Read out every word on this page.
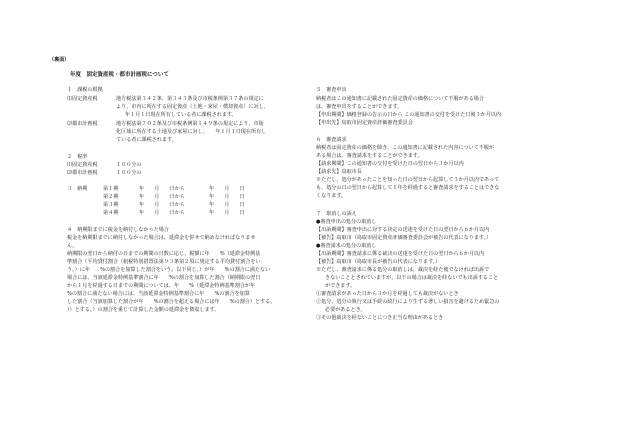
（裏面）
年度　固定資産税・都市計画税について
１　課税の根拠
⑴固定資産税	地方税法第３４２条、第３４３条及び市税条例第３７条の規定に
より、市内に所在する固定資産（土地・家屋・償却資産）に対し、
年１月１日現在所有している者に課税されます。
⑵都市計画税	地方税法第７０２条及び市税条例第１４９条の規定により、市街
化区域に所在する土地及び家屋に対し、　　年１月１日現在所有し
ている者に課税されます。
２　税率
⑴固定資産税	１００分の
⑵都市計画税	１００分の
３　納期	第１期	年　　月　　日から	年　　月　　日
第２期	年　　月　　日から	年　　月　　日
第３期	年　　月　　日から	年　　月　　日
第４期	年　　月　　日から	年　　月　　日
４　納期限までに税金を納付しなかった場合
税金を納期限までに納付しなかった場合は、延滞金を併せて納めなければなりませ
ん。
納期限の翌日から納付の日までの期間の日数に応じ、税額に年　　%（延滞金特例基
準割合（平均貸付割合（租税特別措置法第９３条第２項に規定する平均貸付割合をい
う。）に年　　%の割合を加算した割合をいう。以下同じ。）が年　　%の割合に満たない
場合には、当該延滞金特例基準割合に年　　%の割合を加算した割合（納期限の翌日
から１月を経過する日までの期間については、年　　%（延滞金特例基準割合が年
%の割合に満たない場合には、当該延滞金特例基準割合に年　　%の割合を加算
した割合（当該加算した割合が年　　%の割合を超える場合には年　　%の割合）とする。
））とする。）の割合を乗じて計算した金額の延滞金を徴収します。
５　審査申出
納税者はこの通知書に記載された固定資産の価格について不服がある場合
は、審査申出をすることができます。
【申出期間】価格登録の告示の日から この通知書の交付を受けた日後３か月以内
【申出先】鳥取市固定資産評価審査委員会
６　審査請求
納税者は固定資産の価格を除き、この通知書に記載された内容について不服が
ある場合は、審査請求をすることができます。
【請求期間】この通知書の交付を受けた日の翌日から３か月以内
【請求先】鳥取市長
※ただし、処分があったことを知った日の翌日から起算して３か月以内であって
も、処分の日の翌日から起算して１年を経過すると審査請求をすることはできな
くなります。
７　取消しの訴え
●審査申出の処分の取消し
【出訴期間】審査申出に対する決定の送達を受けた日の翌日から６か月以内
【被告】鳥取市（鳥取市固定資産評価審査委員会が被告の代表になります。）
●審査請求の処分の取消し
【出訴期間】審査請求に係る裁決の送達を受けた日の翌日から６か月以内
【被告】鳥取市（鳥取市長が被告の代表になります。）
※ただし、審査請求に係る処分の取消しは、裁決を経た後でなければ出訴で
きないこととされていますが、以下の場合は裁決を経ないでも出訴すること
ができます。
①審査請求があった日から３か月を経過しても裁決がないとき
②処分、処分の執行又は手続の続行により生ずる著しい損害を避けるため緊急の
必要があるとき。
③その他裁決を経ないことにつき正当な理由があるとき
